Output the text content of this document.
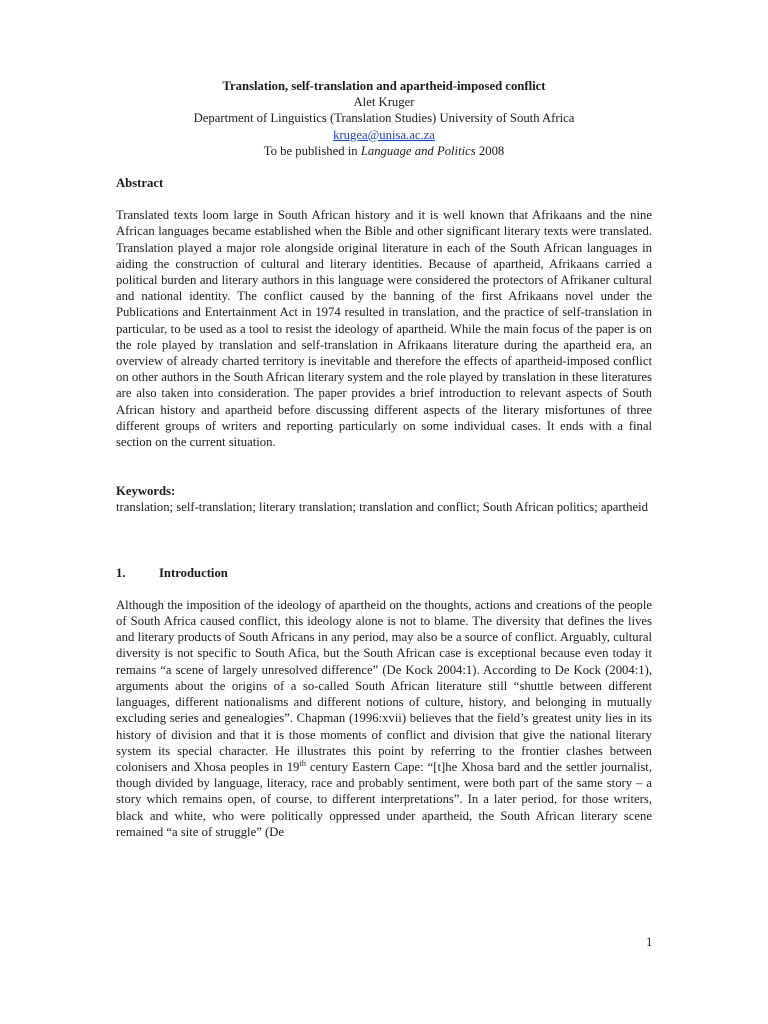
Translation, self-translation and apartheid-imposed conflict
Alet Kruger
Department of Linguistics (Translation Studies) University of South Africa
krugea@unisa.ac.za
To be published in Language and Politics 2008

Abstract

Translated texts loom large in South African history and it is well known that Afrikaans and the nine African languages became established when the Bible and other significant literary texts were translated. Translation played a major role alongside original literature in each of the South African languages in aiding the construction of cultural and literary identities. Because of apartheid, Afrikaans carried a political burden and literary authors in this language were considered the protectors of Afrikaner cultural and national identity. The conflict caused by the banning of the first Afrikaans novel under the Publications and Entertainment Act in 1974 resulted in translation, and the practice of self-translation in particular, to be used as a tool to resist the ideology of apartheid. While the main focus of the paper is on the role played by translation and self-translation in Afrikaans literature during the apartheid era, an overview of already charted territory is inevitable and therefore the effects of apartheid-imposed conflict on other authors in the South African literary system and the role played by translation in these literatures are also taken into consideration. The paper provides a brief introduction to relevant aspects of South African history and apartheid before discussing different aspects of the literary misfortunes of three different groups of writers and reporting particularly on some individual cases. It ends with a final section on the current situation.

Keywords:

translation; self-translation; literary translation; translation and conflict; South African politics; apartheid

1.	Introduction

Although the imposition of the ideology of apartheid on the thoughts, actions and creations of the people of South Africa caused conflict, this ideology alone is not to blame. The diversity that defines the lives and literary products of South Africans in any period, may also be a source of conflict. Arguably, cultural diversity is not specific to South Afica, but the South African case is exceptional because even today it remains “a scene of largely unresolved difference” (De Kock 2004:1). According to De Kock (2004:1), arguments about the origins of a so-called South African literature still “shuttle between different languages, different nationalisms and different notions of culture, history, and belonging in mutually excluding series and genealogies”. Chapman (1996:xvii) believes that the field’s greatest unity lies in its history of division and that it is those moments of conflict and division that give the national literary system its special character. He illustrates this point by referring to the frontier clashes between colonisers and Xhosa peoples in 19th century Eastern Cape: “[t]he Xhosa bard and the settler journalist, though divided by language, literacy, race and probably sentiment, were both part of the same story – a story which remains open, of course, to different interpretations”. In a later period, for those writers, black and white, who were politically oppressed under apartheid, the South African literary scene remained “a site of struggle” (De

1
